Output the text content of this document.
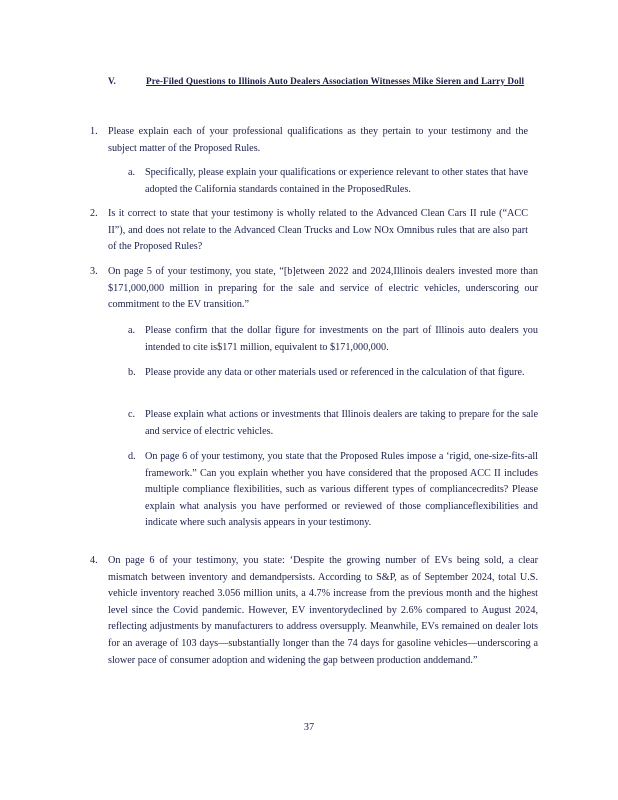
V.	Pre-Filed Questions to Illinois Auto Dealers Association Witnesses Mike Sieren and Larry Doll
1. Please explain each of your professional qualifications as they pertain to your testimony and the subject matter of the Proposed Rules.
a. Specifically, please explain your qualifications or experience relevant to other states that have adopted the California standards contained in the ProposedRules.
2. Is it correct to state that your testimony is wholly related to the Advanced Clean Cars II rule (“ACC II”), and does not relate to the Advanced Clean Trucks and Low NOx Omnibus rules that are also part of the Proposed Rules?
3. On page 5 of your testimony, you state, “[b]etween 2022 and 2024,Illinois dealers invested more than $171,000,000 million in preparing for the sale and service of electric vehicles, underscoring our commitment to the EV transition.”
a. Please confirm that the dollar figure for investments on the part of Illinois auto dealers you intended to cite is$171 million, equivalent to $171,000,000.
b. Please provide any data or other materials used or referenced in the calculation of that figure.
c. Please explain what actions or investments that Illinois dealers are taking to prepare for the sale and service of electric vehicles.
d. On page 6 of your testimony, you state that the Proposed Rules impose a ‘rigid, one-size-fits-all framework.” Can you explain whether you have considered that the proposed ACC II includes multiple compliance flexibilities, such as various different types of compliancecredits? Please explain what analysis you have performed or reviewed of those complianceflexibilities and indicate where such analysis appears in your testimony.
4. On page 6 of your testimony, you state: ‘Despite the growing number of EVs being sold, a clear mismatch between inventory and demandpersists. According to S&P, as of September 2024, total U.S. vehicle inventory reached 3.056 million units, a 4.7% increase from the previous month and the highest level since the Covid pandemic. However, EV inventorydeclined by 2.6% compared to August 2024, reflecting adjustments by manufacturers to address oversupply. Meanwhile, EVs remained on dealer lots for an average of 103 days—substantially longer than the 74 days for gasoline vehicles—underscoring a slower pace of consumer adoption and widening the gap between production anddemand.”
37
